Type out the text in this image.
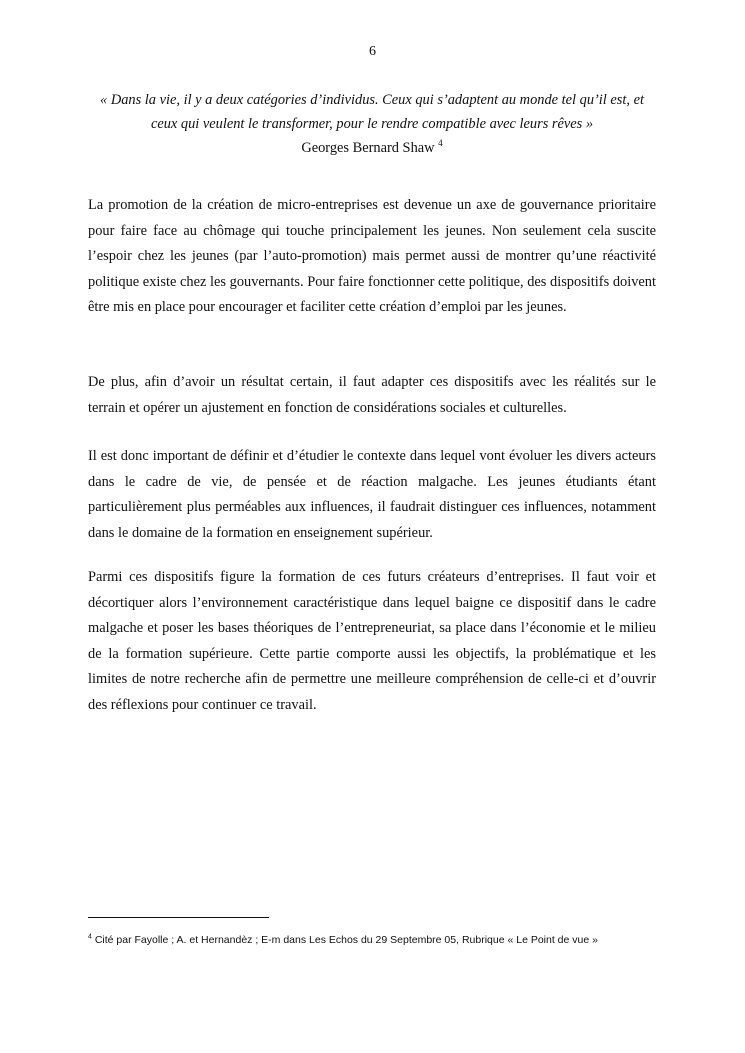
6
« Dans la vie, il y a deux catégories d’individus. Ceux qui s’adaptent au monde tel qu’il est, et ceux qui veulent le transformer, pour le rendre compatible avec leurs rêves »
Georges Bernard Shaw $^4$

La promotion de la création de micro-entreprises est devenue un axe de gouvernance prioritaire pour faire face au chômage qui touche principalement les jeunes. Non seulement cela suscite l’espoir chez les jeunes (par l’auto-promotion) mais permet aussi de montrer qu’une réactivité politique existe chez les gouvernants. Pour faire fonctionner cette politique, des dispositifs doivent être mis en place pour encourager et faciliter cette création d’emploi par les jeunes.

De plus, afin d’avoir un résultat certain, il faut adapter ces dispositifs avec les réalités sur le terrain et opérer un ajustement en fonction de considérations sociales et culturelles.

Il est donc important de définir et d’étudier le contexte dans lequel vont évoluer les divers acteurs dans le cadre de vie, de pensée et de réaction malgache. Les jeunes étudiants étant particulièrement plus perméables aux influences, il faudrait distinguer ces influences, notamment dans le domaine de la formation en enseignement supérieur.

Parmi ces dispositifs figure la formation de ces futurs créateurs d’entreprises. Il faut voir et décortiquer alors l’environnement caractéristique dans lequel baigne ce dispositif dans le cadre malgache et poser les bases théoriques de l’entrepreneuriat, sa place dans l’économie et le milieu de la formation supérieure. Cette partie comporte aussi les objectifs, la problématique et les limites de notre recherche afin de permettre une meilleure compréhension de celle-ci et d’ouvrir des réflexions pour continuer ce travail.

$^4$ Cité par Fayolle ; A. et Hernandèz ; E-m dans Les Echos du 29 Septembre 05, Rubrique « Le Point de vue »
